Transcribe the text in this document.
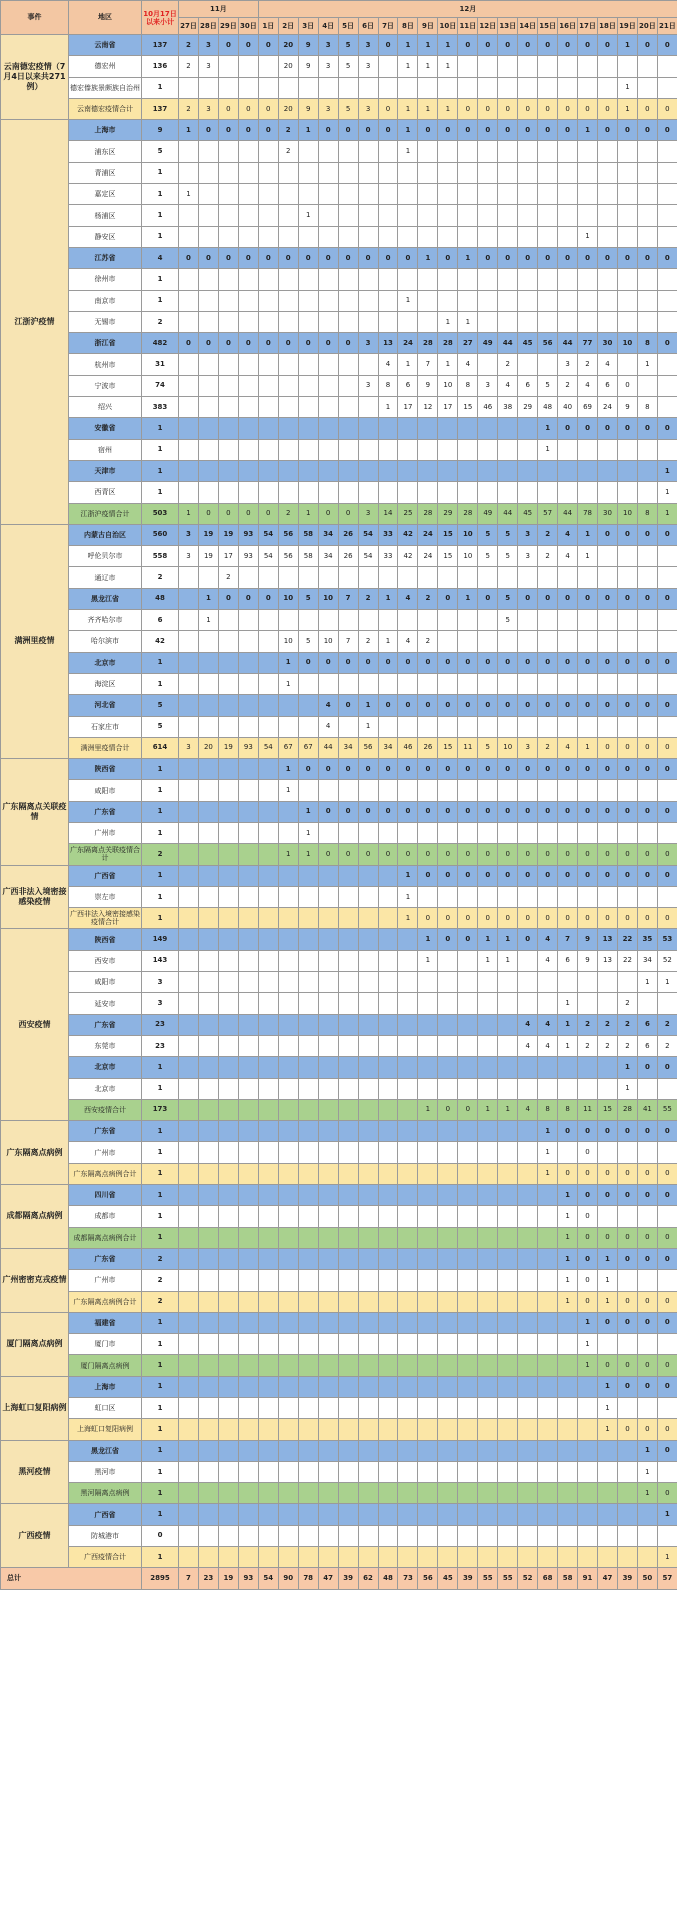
事件	地区	10月17日以来小计	11月				12月																					
			27日	28日	29日	30日	1日	2日	3日	4日	5日	6日	7日	8日	9日	10日	11日	12日	13日	14日	15日	16日	17日	18日	19日	20日	21日	
云南德宏疫情（7月4日以来共271例）	云南省	137	2	3	0	0	0	20	9	3	5	3	0	1	1	1	0	0	0	0	0	0	0	0	1	0	0	
	德宏州	136	2	3				20	9	3	5	3		1	1	1												
	德宏傣族景颇族自治州	1																							1			
	云南德宏疫情合计	137	2	3	0	0	0	20	9	3	5	3	0	1	1	1	0	0	0	0	0	0	0	0	1	0	0	
江浙沪疫情	上海市	9	1	0	0	0	0	2	1	0	0	0	0	1	0	0	0	0	0	0	0	0	1	0	0	0	0	
	浦东区	5						2						1														
	青浦区	1																										
	嘉定区	1	1																									
	杨浦区	1							1																			
	静安区	1																					1					
	江苏省	4	0	0	0	0	0	0	0	0	0	0	0	0	1	0	1	0	0	0	0	0	0	0	0	0	0	
	徐州市	1																										
	南京市	1												1														
	无锡市	2														1	1											
	浙江省	482	0	0	0	0	0	0	0	0	0	3	13	24	28	28	27	49	44	45	56	44	77	30	10	8	0	
	杭州市	31											4	1	7	1	4		2			3	2	4		1		
	宁波市	74										3	8	6	9	10	8	3	4	6	5	2	4	6	0			
	绍兴	383											1	17	12	17	15	46	38	29	48	40	69	24	9	8		
	安徽省	1																			1	0	0	0	0	0	0	
	宿州	1																			1							
	天津市	1																									1	
	西青区	1																									1	
	江浙沪疫情合计	503	1	0	0	0	0	2	1	0	0	3	14	25	28	29	28	49	44	45	57	44	78	30	10	8	1	
满洲里疫情	内蒙古自治区	560	3	19	19	93	54	56	58	34	26	54	33	42	24	15	10	5	5	3	2	4	1	0	0	0	0	
	呼伦贝尔市	558	3	19	17	93	54	56	58	34	26	54	33	42	24	15	10	5	5	3	2	4	1					
	通辽市	2			2																							
	黑龙江省	48		1	0	0	0	10	5	10	7	2	1	4	2	0	1	0	5	0	0	0	0	0	0	0	0	
	齐齐哈尔市	6		1															5									
	哈尔滨市	42						10	5	10	7	2	1	4	2													
	北京市	1						1	0	0	0	0	0	0	0	0	0	0	0	0	0	0	0	0	0	0	0	
	海淀区	1						1																				
	河北省	5								4	0	1	0	0	0	0	0	0	0	0	0	0	0	0	0	0	0	
	石家庄市	5								4		1																
	满洲里疫情合计	614	3	20	19	93	54	67	67	44	34	56	34	46	26	15	11	5	10	3	2	4	1	0	0	0	0	
广东隔离点关联疫情	陕西省	1						1	0	0	0	0	0	0	0	0	0	0	0	0	0	0	0	0	0	0	0	
	咸阳市	1						1																				
	广东省	1							1	0	0	0	0	0	0	0	0	0	0	0	0	0	0	0	0	0	0	
	广州市	1							1																			
	广东隔离点关联疫情合计	2						1	1	0	0	0	0	0	0	0	0	0	0	0	0	0	0	0	0	0	0	
广西非法入境密接感染疫情	广西省	1												1	0	0	0	0	0	0	0	0	0	0	0	0	0	
	崇左市	1												1														
	广西非法入境密接感染疫情合计	1												1	0	0	0	0	0	0	0	0	0	0	0	0	0	
西安疫情	陕西省	149													1	0	0	1	1	0	4	7	9	13	22	35	53	
	西安市	143													1			1	1		4	6	9	13	22	34	52	
	咸阳市	3																								1	1	
	延安市	3																				1			2			
	广东省	23																		4	4	1	2	2	2	6	2	
	东莞市	23																		4	4	1	2	2	2	6	2	
	北京市	1																							1	0	0	
	北京市	1																							1			
	西安疫情合计	173													1	0	0	1	1	4	8	8	11	15	28	41	55	
广东隔离点病例	广东省	1																			1	0	0	0	0	0	0	
	广州市	1																			1		0					
	广东隔离点病例合计	1																			1	0	0	0	0	0	0	
成都隔离点病例	四川省	1																				1	0	0	0	0	0	
	成都市	1																				1	0					
	成都隔离点病例合计	1																				1	0	0	0	0	0	
广州密密克戎疫情	广东省	2																				1	0	1	0	0	0	
	广州市	2																				1	0	1				
	广东隔离点病例合计	2																				1	0	1	0	0	0	
厦门隔离点病例	福建省	1																					1	0	0	0	0	
	厦门市	1																					1					
	厦门隔离点病例	1																					1	0	0	0	0	
上海虹口复阳病例	上海市	1																						1	0	0	0	
	虹口区	1																						1				
	上海虹口复阳病例	1																						1	0	0	0	
黑河疫情	黑龙江省	1																								1	0	
	黑河市	1																								1		
	黑河隔离点病例	1																								1	0	
广西疫情	广西省	1																									1	
	防城港市	0																										
	广西疫情合计	1																									1	
总计		2895	7	23	19	93	54	90	78	47	39	62	48	73	56	45	39	55	55	52	68	58	91	47	39	50	57	
